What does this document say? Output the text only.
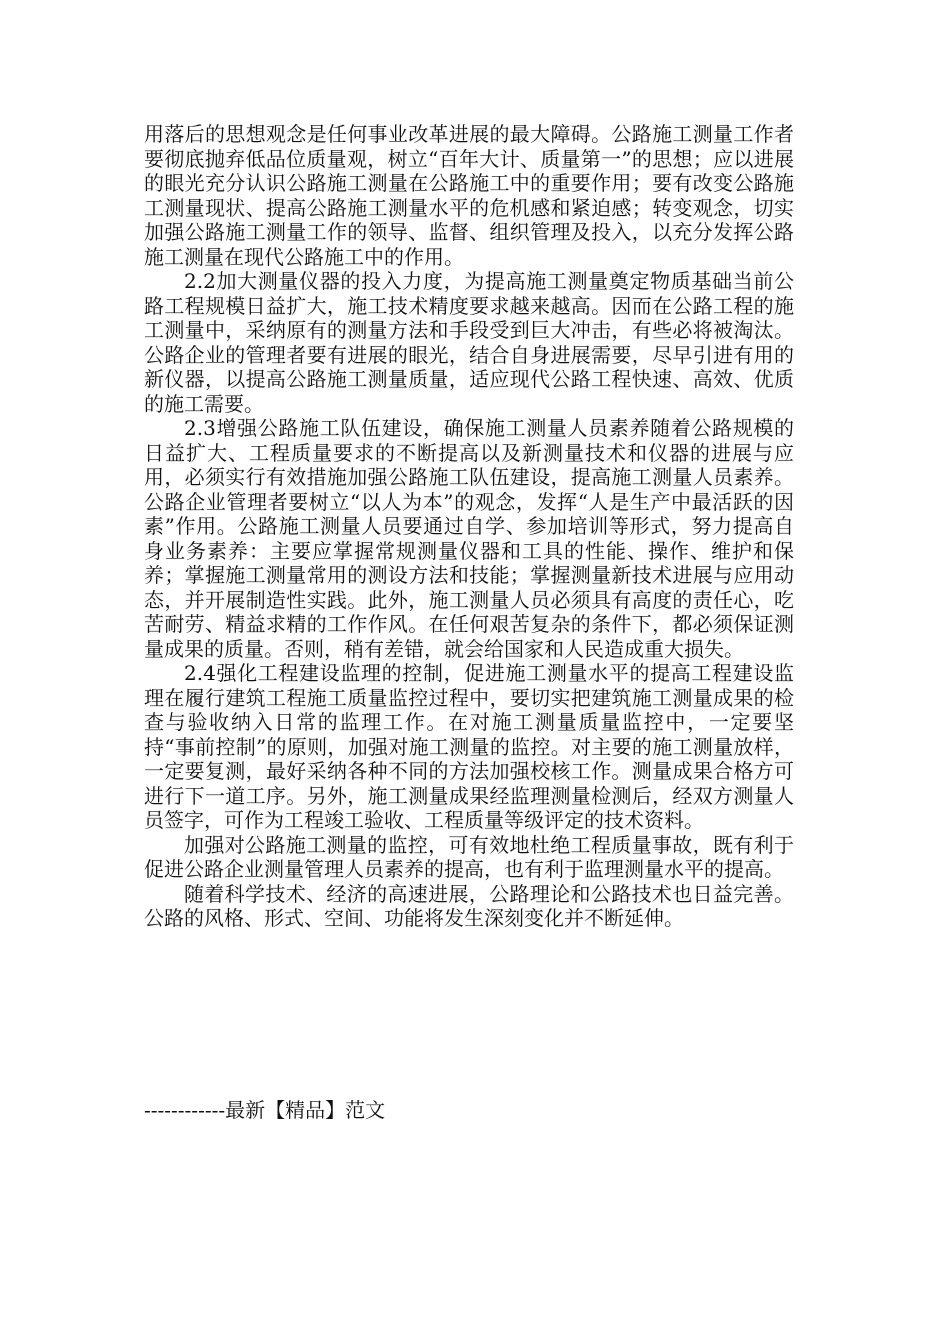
用落后的思想观念是任何事业改革进展的最大障碍。公路施工测量工作者要彻底抛弃低品位质量观，树立“百年大计、质量第一”的思想；应以进展的眼光充分认识公路施工测量在公路施工中的重要作用；要有改变公路施工测量现状、提高公路施工测量水平的危机感和紧迫感；转变观念，切实加强公路施工测量工作的领导、监督、组织管理及投入，以充分发挥公路施工测量在现代公路施工中的作用。

2.2加大测量仪器的投入力度，为提高施工测量奠定物质基础当前公路工程规模日益扩大，施工技术精度要求越来越高。因而在公路工程的施工测量中，采纳原有的测量方法和手段受到巨大冲击，有些必将被淘汰。公路企业的管理者要有进展的眼光，结合自身进展需要，尽早引进有用的新仪器，以提高公路施工测量质量，适应现代公路工程快速、高效、优质的施工需要。

2.3增强公路施工队伍建设，确保施工测量人员素养随着公路规模的日益扩大、工程质量要求的不断提高以及新测量技术和仪器的进展与应用，必须实行有效措施加强公路施工队伍建设，提高施工测量人员素养。公路企业管理者要树立“以人为本”的观念，发挥“人是生产中最活跃的因素”作用。公路施工测量人员要通过自学、参加培训等形式，努力提高自身业务素养：主要应掌握常规测量仪器和工具的性能、操作、维护和保养；掌握施工测量常用的测设方法和技能；掌握测量新技术进展与应用动态，并开展制造性实践。此外，施工测量人员必须具有高度的责任心，吃苦耐劳、精益求精的工作作风。在任何艰苦复杂的条件下，都必须保证测量成果的质量。否则，稍有差错，就会给国家和人民造成重大损失。

2.4强化工程建设监理的控制，促进施工测量水平的提高工程建设监理在履行建筑工程施工质量监控过程中，要切实把建筑施工测量成果的检查与验收纳入日常的监理工作。在对施工测量质量监控中，一定要坚持“事前控制”的原则，加强对施工测量的监控。对主要的施工测量放样，一定要复测，最好采纳各种不同的方法加强校核工作。测量成果合格方可进行下一道工序。另外，施工测量成果经监理测量检测后，经双方测量人员签字，可作为工程竣工验收、工程质量等级评定的技术资料。

加强对公路施工测量的监控，可有效地杜绝工程质量事故，既有利于促进公路企业测量管理人员素养的提高，也有利于监理测量水平的提高。

随着科学技术、经济的高速进展，公路理论和公路技术也日益完善。公路的风格、形式、空间、功能将发生深刻变化并不断延伸。

------------最新【精品】范文
